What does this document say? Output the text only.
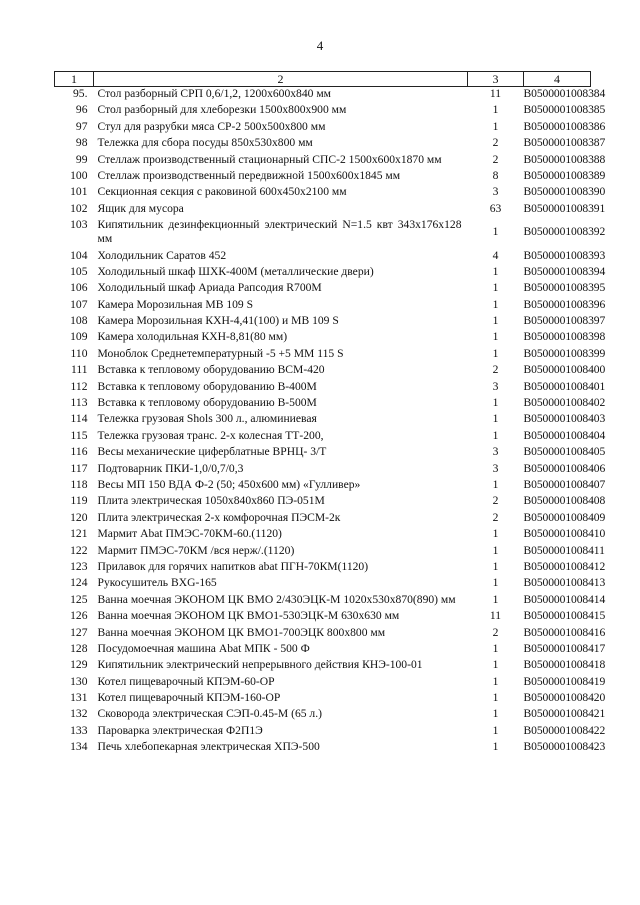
4
1	2	3	4
95.	Стол разборный СРП 0,6/1,2, 1200х600х840 мм	11	В0500001008384
96	Стол разборный для хлеборезки 1500х800х900 мм	1	В0500001008385
97	Стул для разрубки мяса СР-2 500х500х800 мм	1	В0500001008386
98	Тележка для сбора посуды 850х530х800 мм	2	В0500001008387
99	Стеллаж производственный стационарный СПС-2 1500х600х1870 мм	2	В0500001008388
100	Стеллаж производственный передвижной 1500х600х1845 мм	8	В0500001008389
101	Секционная секция с раковиной 600х450х2100 мм	3	В0500001008390
102	Ящик для мусора	63	В0500001008391
103	Кипятильник дезинфекционный электрический N=1.5 квт 343х176х128 мм	1	В0500001008392
104	Холодильник Саратов 452	4	В0500001008393
105	Холодильный шкаф ШХК-400М (металлические двери)	1	В0500001008394
106	Холодильный шкаф Ариада Рапсодия R700M	1	В0500001008395
107	Камера Морозильная МВ 109 S	1	В0500001008396
108	Камера Морозильная КХН-4,41(100) и МВ 109 S	1	В0500001008397
109	Камера холодильная КХН-8,81(80 мм)	1	В0500001008398
110	Моноблок Среднетемпературный -5 +5 ММ 115 S	1	В0500001008399
111	Вставка к тепловому оборудованию ВСМ-420	2	В0500001008400
112	Вставка к тепловому оборудованию В-400М	3	В0500001008401
113	Вставка к тепловому оборудованию В-500М	1	В0500001008402
114	Тележка грузовая Shols 300 л., алюминиевая	1	В0500001008403
115	Тележка грузовая транс. 2-х колесная ТТ-200,	1	В0500001008404
116	Весы механические циферблатные ВРНЦ- 3/Т	3	В0500001008405
117	Подтоварник ПКИ-1,0/0,7/0,3	3	В0500001008406
118	Весы МП 150 ВДА Ф-2 (50; 450х600 мм) «Гулливер»	1	В0500001008407
119	Плита электрическая 1050х840х860 ПЭ-051М	2	В0500001008408
120	Плита электрическая 2-х комфорочная ПЭСМ-2к	2	В0500001008409
121	Мармит Abat ПМЭС-70КМ-60.(1120)	1	В0500001008410
122	Мармит ПМЭС-70КМ /вся нерж/.(1120)	1	В0500001008411
123	Прилавок для горячих напитков abat ПГН-70КМ(1120)	1	В0500001008412
124	Рукосушитель BXG-165	1	В0500001008413
125	Ванна моечная ЭКОНОМ ЦК ВМО 2/430ЭЦК-М 1020х530х870(890) мм	1	В0500001008414
126	Ванна моечная ЭКОНОМ ЦК ВМО1-530ЭЦК-М 630х630 мм	11	В0500001008415
127	Ванна моечная ЭКОНОМ ЦК ВМО1-700ЭЦК 800х800 мм	2	В0500001008416
128	Посудомоечная машина Abat МПК - 500 Ф	1	В0500001008417
129	Кипятильник электрический непрерывного действия КНЭ-100-01	1	В0500001008418
130	Котел пищеварочный КПЭМ-60-ОР	1	В0500001008419
131	Котел пищеварочный КПЭМ-160-ОР	1	В0500001008420
132	Сковорода электрическая СЭП-0.45-М (65 л.)	1	В0500001008421
133	Пароварка электрическая Ф2П1Э	1	В0500001008422
134	Печь хлебопекарная электрическая ХПЭ-500	1	В0500001008423
